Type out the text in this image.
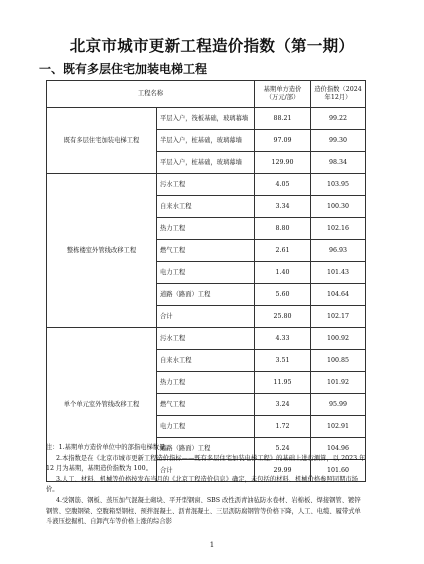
北京市城市更新工程造价指数（第一期）
一、既有多层住宅加装电梯工程
工程名称		基期单方造价（万元/部）	造价指数（2024年12月）
既有多层住宅加装电梯工程	平层入户，筏板基础，玻璃幕墙	88.21	99.22
	半层入户，桩基础，玻璃幕墙	97.09	99.30
	平层入户，桩基础，玻璃幕墙	129.90	98.34
整栋楼室外管线改移工程	污水工程	4.05	103.95
	自来水工程	3.34	100.30
	热力工程	8.80	102.16
	燃气工程	2.61	96.93
	电力工程	1.40	101.43
	道路（路面）工程	5.60	104.64
	合计	25.80	102.17
单个单元室外管线改移工程	污水工程	4.33	100.92
	自来水工程	3.51	100.85
	热力工程	11.95	101.92
	燃气工程	3.24	95.99
	电力工程	1.72	102.91
	道路（路面）工程	5.24	104.96
	合计	29.99	101.60

注：1.基期单方造价单位中的部指电梯数量。

2.本指数是在《北京市城市更新工程造价指标——既有多层住宅加装电梯工程》的基础上进行测算，以 2023 年 12 月为基期，基期造价指数为 100。

3.人工、材料、机械等价格按发布当月的《北京工程造价信息》确定，未包括的材料、机械价格参照同期市场价。

4.受钢筋、钢板、蒸压加气混凝土砌块、平开型钢窗、SBS 改性沥青油毡防水卷材、岩棉板、焊接钢管、镀锌钢管、空腹钢梁、空腹箱型钢柱、预拌混凝土、沥青混凝土、三层沥防腐钢管等价格下降，人工、电缆、履带式单斗液压挖掘机、自卸汽车等价格上涨的综合影

1
